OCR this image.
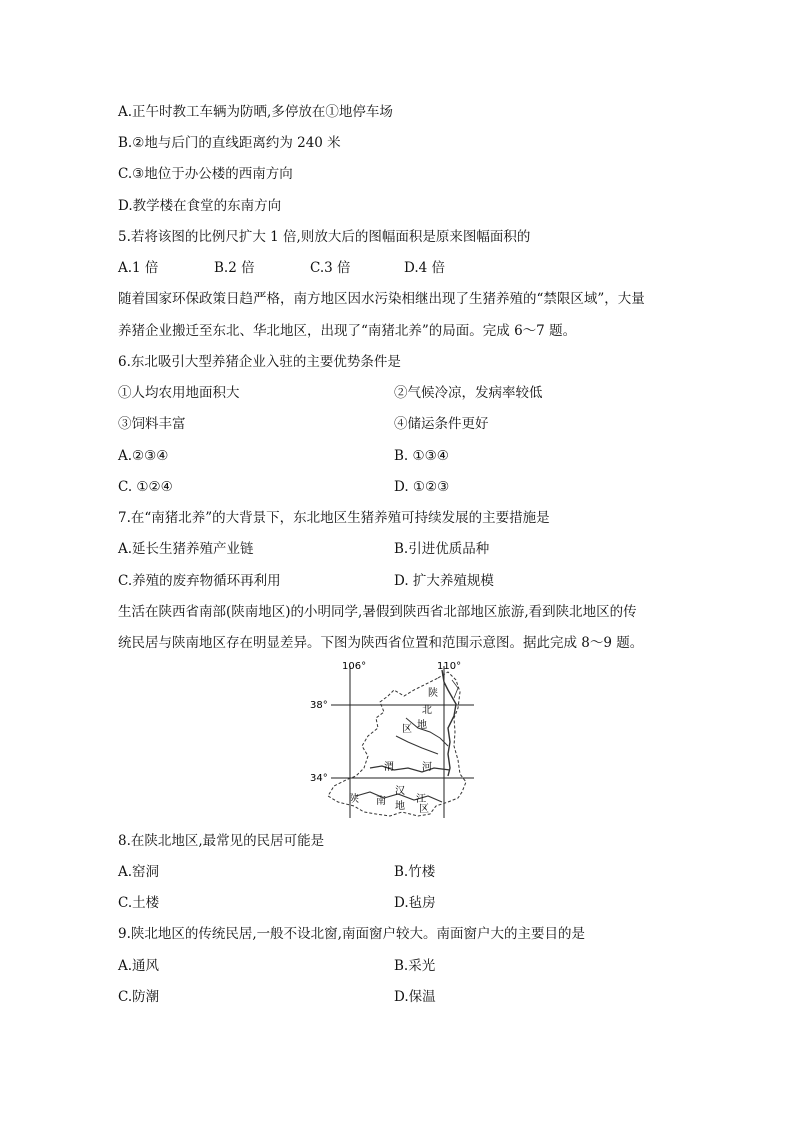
A.正午时教工车辆为防晒,多停放在①地停车场
B.②地与后门的直线距离约为 240 米
C.③地位于办公楼的西南方向
D.教学楼在食堂的东南方向
5.若将该图的比例尺扩大 1 倍,则放大后的图幅面积是原来图幅面积的
A.1 倍	B.2 倍	C.3 倍	D.4 倍
随着国家环保政策日趋严格，南方地区因水污染相继出现了生猪养殖的“禁限区域”，大量
养猪企业搬迁至东北、华北地区，出现了“南猪北养”的局面。完成 6～7 题。
6.东北吸引大型养猪企业入驻的主要优势条件是
①人均农用地面积大	②气候冷凉，发病率较低
③饲料丰富	④储运条件更好
A.②③④	B. ①③④
C. ①②④	D. ①②③
7.在“南猪北养”的大背景下，东北地区生猪养殖可持续发展的主要措施是
A.延长生猪养殖产业链	B.引进优质品种
C.养殖的废弃物循环再利用	D. 扩大养殖规模
生活在陕西省南部(陕南地区)的小明同学,暑假到陕西省北部地区旅游,看到陕北地区的传
统民居与陕南地区存在明显差异。下图为陕西省位置和范围示意图。据此完成 8～9 题。
106°	110°
38°
34°
陕
北
地
区
渭	河
陕 南 地 区
汉
江
8.在陕北地区,最常见的民居可能是
A.窑洞	B.竹楼
C.土楼	D.毡房
9.陕北地区的传统民居,一般不设北窗,南面窗户较大。南面窗户大的主要目的是
A.通风	B.采光
C.防潮	D.保温
